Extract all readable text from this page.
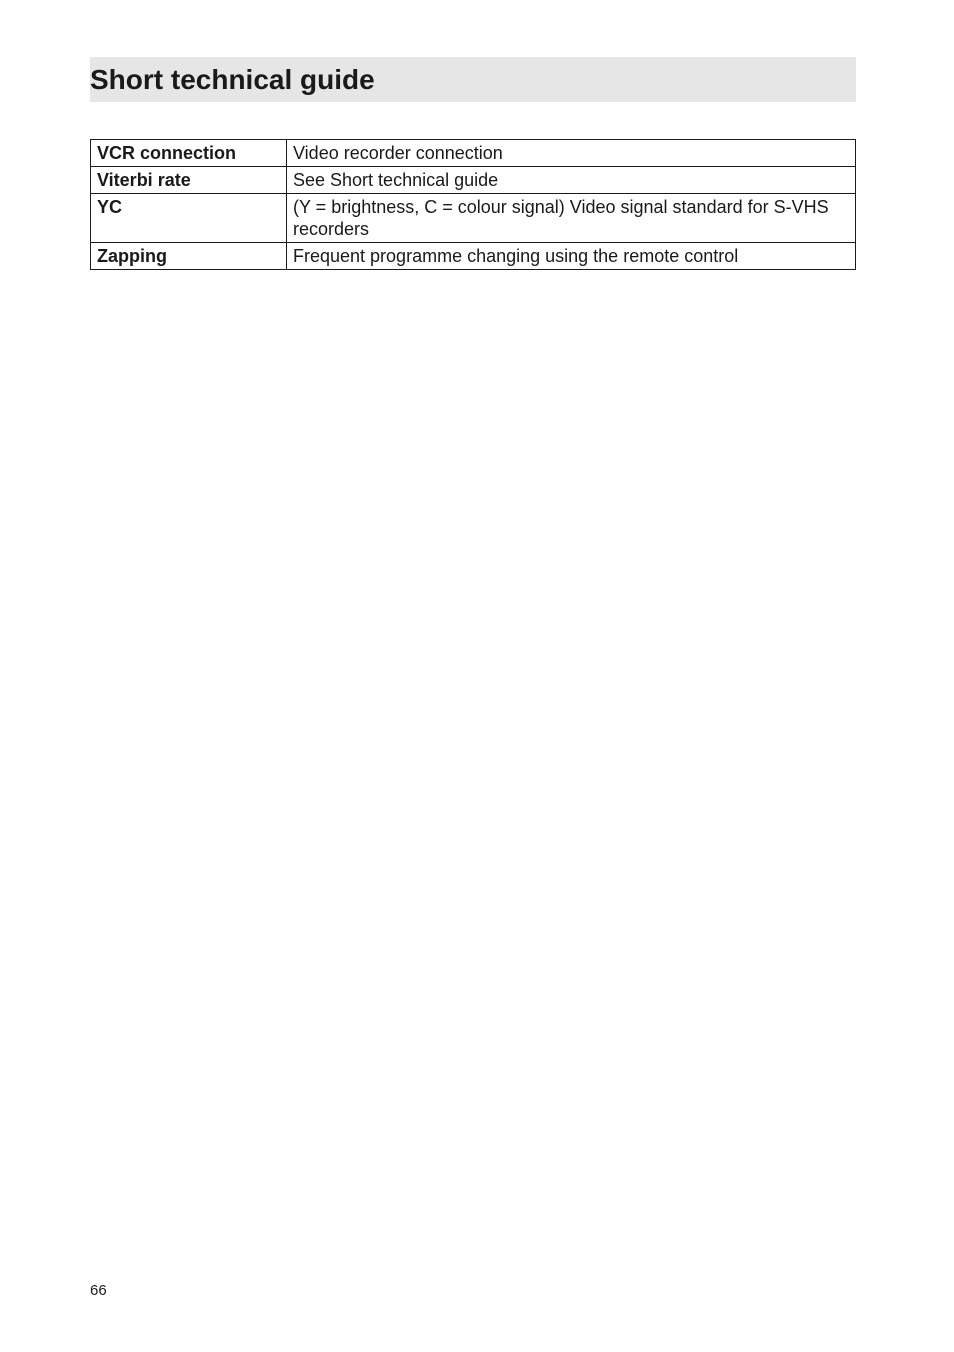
Short technical guide
VCR connection	Video recorder connection
Viterbi rate	See Short technical guide
YC	(Y = brightness, C = colour signal) Video signal standard for S-VHS recorders
Zapping	Frequent programme changing using the remote control
66
